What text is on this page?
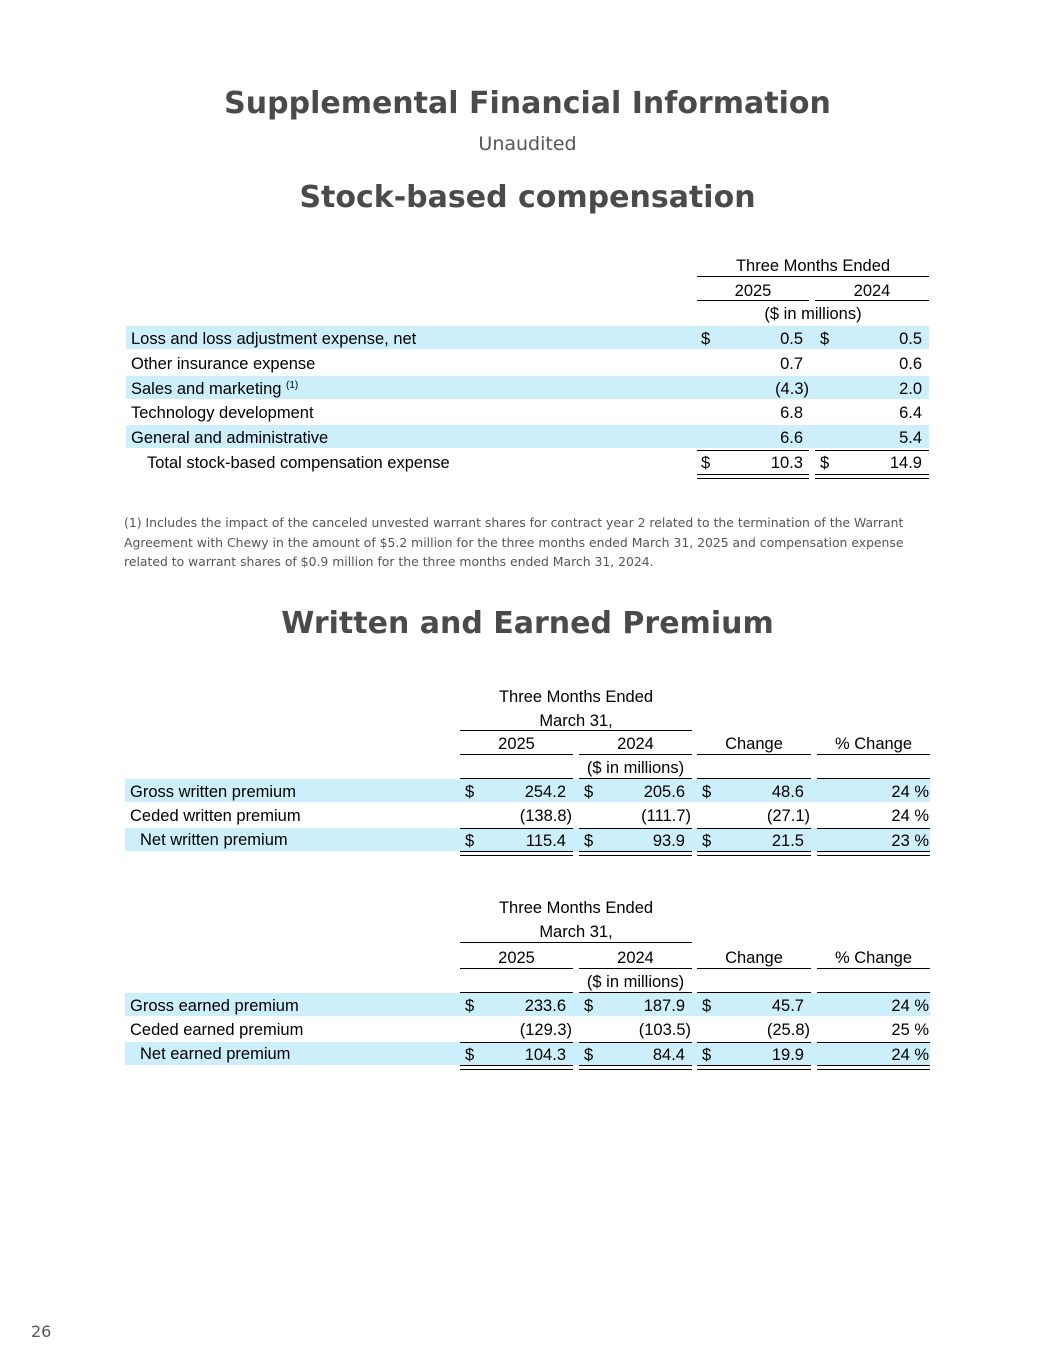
Supplemental Financial Information
Unaudited
Stock-based compensation
Three Months Ended
2025	2024
($ in millions)
Loss and loss adjustment expense, net	$	0.5 $	0.5
Other insurance expense	0.7	0.6
Sales and marketing $^{(1)}$	(4.3)	2.0
Technology development	6.8	6.4
General and administrative	6.6	5.4
Total stock-based compensation expense	$	10.3 $	14.9
(1) Includes the impact of the canceled unvested warrant shares for contract year 2 related to the termination of the Warrant Agreement with Chewy in the amount of $5.2 million for the three months ended March 31, 2025 and compensation expense related to warrant shares of $0.9 million for the three months ended March 31, 2024.
Written and Earned Premium
Three Months Ended
March 31,
2025	2024	Change	% Change
($ in millions)
Gross written premium	$	254.2 $	205.6 $	48.6	24 %
Ceded written premium	(138.8)	(111.7)	(27.1)	24 %
Net written premium	$	115.4 $	93.9 $	21.5	23 %
Three Months Ended
March 31,
2025	2024	Change	% Change
($ in millions)
Gross earned premium	$	233.6 $	187.9 $	45.7	24 %
Ceded earned premium	(129.3)	(103.5)	(25.8)	25 %
Net earned premium	$	104.3 $	84.4 $	19.9	24 %
26
